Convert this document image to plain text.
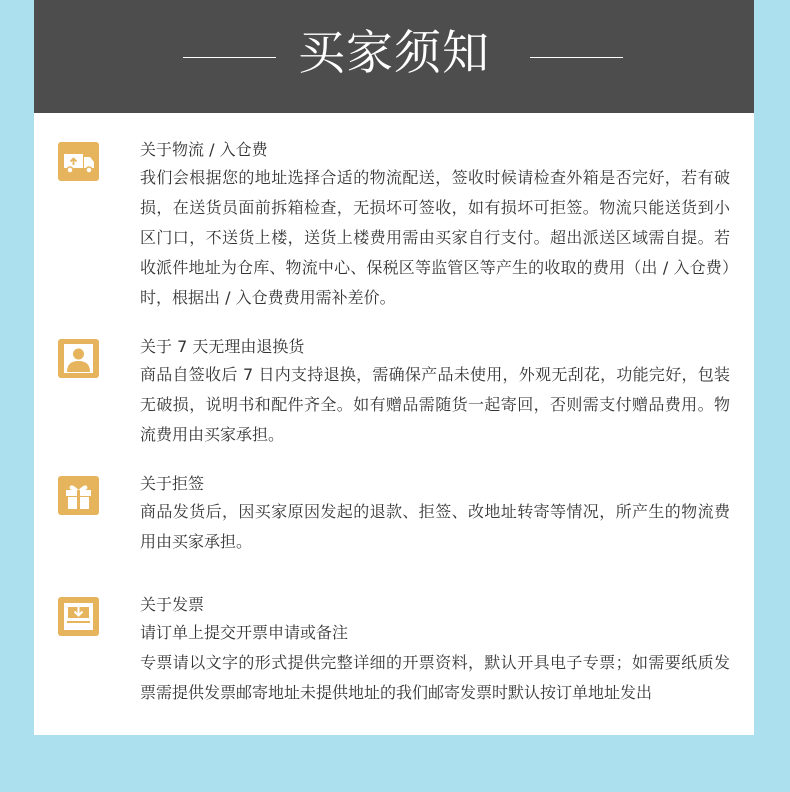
买家须知
关于物流 / 入仓费
我们会根据您的地址选择合适的物流配送，签收时候请检查外箱是否完好，若有破损，在送货员面前拆箱检查，无损坏可签收，如有损坏可拒签。物流只能送货到小区门口，不送货上楼，送货上楼费用需由买家自行支付。超出派送区域需自提。若收派件地址为仓库、物流中心、保税区等监管区等产生的收取的费用（出 / 入仓费）时，根据出 / 入仓费费用需补差价。
关于 7 天无理由退换货
商品自签收后 7 日内支持退换，需确保产品未使用，外观无刮花，功能完好，包装无破损，说明书和配件齐全。如有赠品需随货一起寄回，否则需支付赠品费用。物流费用由买家承担。
关于拒签
商品发货后，因买家原因发起的退款、拒签、改地址转寄等情况，所产生的物流费用由买家承担。
关于发票
请订单上提交开票申请或备注
专票请以文字的形式提供完整详细的开票资料，默认开具电子专票；如需要纸质发票需提供发票邮寄地址未提供地址的我们邮寄发票时默认按订单地址发出
